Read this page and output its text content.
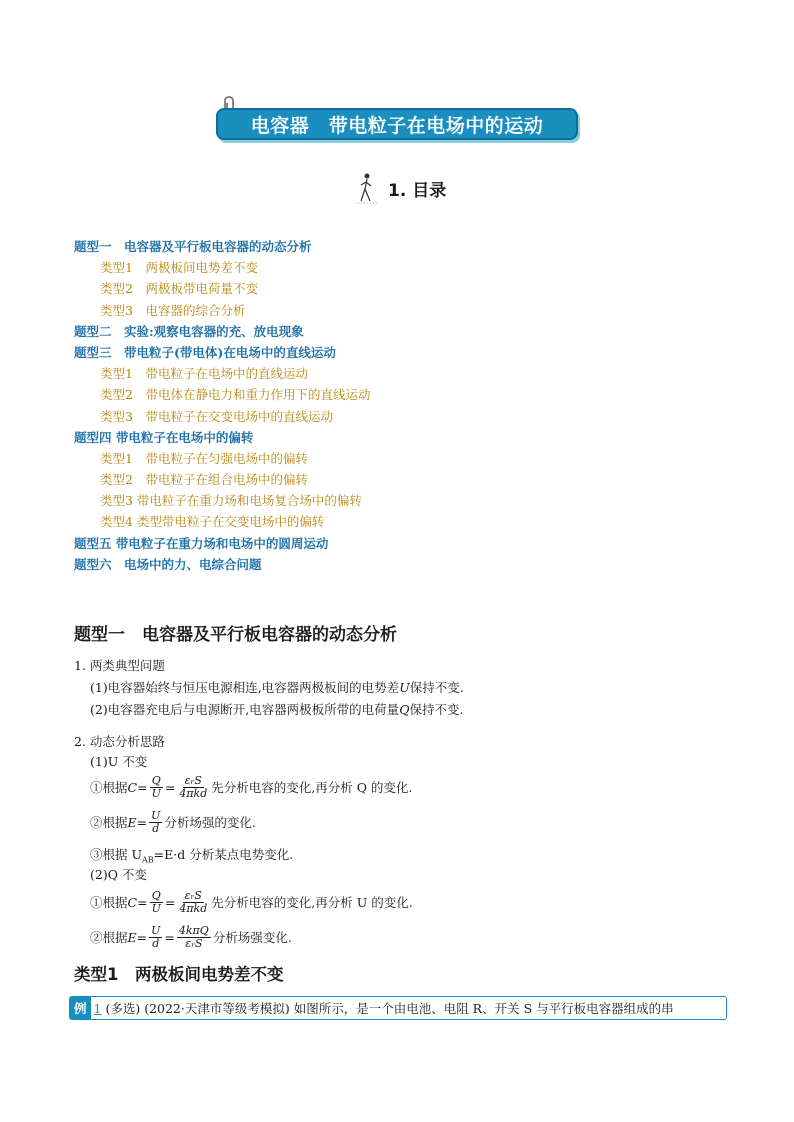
电容器　带电粒子在电场中的运动
1. 目录
题型一　电容器及平行板电容器的动态分析
类型1　两极板间电势差不变
类型2　两极板带电荷量不变
类型3　电容器的综合分析
题型二　实验:观察电容器的充、放电现象
题型三　带电粒子(带电体)在电场中的直线运动
类型1　带电粒子在电场中的直线运动
类型2　带电体在静电力和重力作用下的直线运动
类型3　带电粒子在交变电场中的直线运动
题型四 带电粒子在电场中的偏转
类型1　带电粒子在匀强电场中的偏转
类型2　带电粒子在组合电场中的偏转
类型3 带电粒子在重力场和电场复合场中的偏转
类型4 类型带电粒子在交变电场中的偏转
题型五 带电粒子在重力场和电场中的圆周运动
题型六　电场中的力、电综合问题
题型一　电容器及平行板电容器的动态分析
1. 两类典型问题
(1)电容器始终与恒压电源相连,电容器两极板间的电势差U保持不变.
(2)电容器充电后与电源断开,电容器两极板所带的电荷量Q保持不变.
2. 动态分析思路
(1)U 不变
①根据 $C= \frac{Q}{U} = \frac{\text{εᵣS}}{\text{4πkd}}$ 先分析电容的变化,再分析 Q 的变化.
②根据 $E= \frac{U}{d}$ 分析场强的变化.
③根据 $U_{AB}=E\cdot d$ 分析某点电势变化.
(2)Q 不变
①根据 $C= \frac{Q}{U} = \frac{\text{εᵣS}}{\text{4πkd}}$ 先分析电容的变化,再分析 U 的变化.
②根据 $E= \frac{U}{d} = \frac{\text{4kπQ}}{\text{εᵣS}}$ 分析场强变化.
类型1　两极板间电势差不变
例 1 (多选) (2022·天津市等级考模拟) 如图所示，是一个由电池、电阻 R、开关 S 与平行板电容器组成的串
